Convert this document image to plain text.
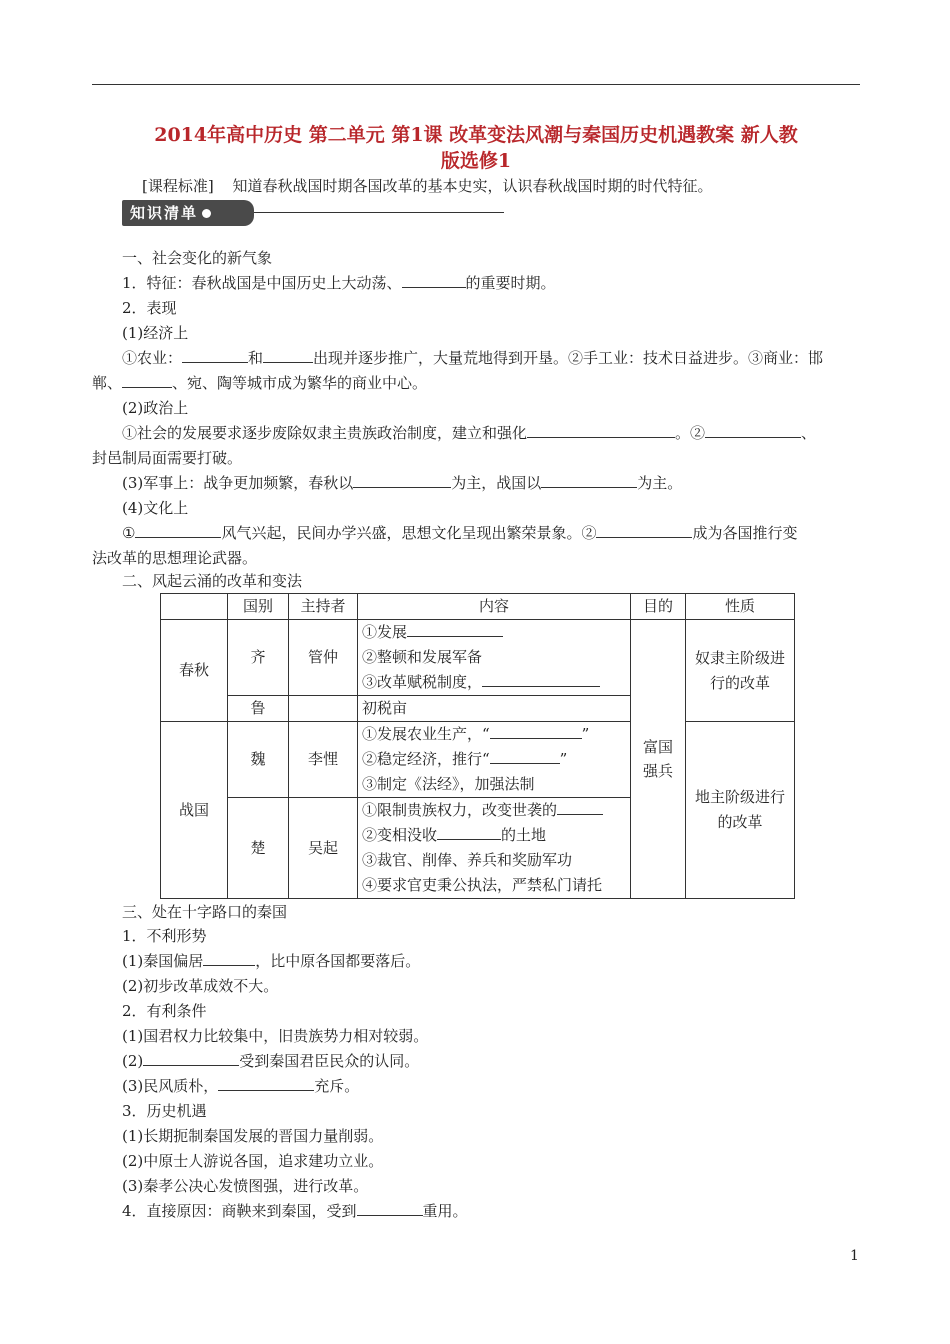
2014年高中历史 第二单元 第1课 改革变法风潮与秦国历史机遇教案 新人教
版选修1
[课程标准] 知道春秋战国时期各国改革的基本史实，认识春秋战国时期的时代特征。
知识清单
一、社会变化的新气象
1．特征：春秋战国是中国历史上大动荡、	的重要时期。
2．表现
(1)经济上
①农业：	和	出现并逐步推广，大量荒地得到开垦。②手工业：技术日益进步。③商业：邯
郸、	、宛、陶等城市成为繁华的商业中心。
(2)政治上
①社会的发展要求逐步废除奴隶主贵族政治制度，建立和强化	。②	、
封邑制局面需要打破。
(3)军事上：战争更加频繁，春秋以	为主，战国以	为主。
(4)文化上
①	风气兴起，民间办学兴盛，思想文化呈现出繁荣景象。②	成为各国推行变
法改革的思想理论武器。
二、风起云涌的改革和变法
	国别	主持者	内容	目的	性质
春秋	齐	管仲	①发展
②整顿和发展军备
③改革赋税制度，	富国强兵	奴隶主阶级进行的改革
	鲁		初税亩		
战国	魏	李悝	①发展农业生产，“ ”
②稳定经济，推行“ ”
③制定《法经》，加强法制		地主阶级进行的改革
	楚	吴起	①限制贵族权力，改变世袭的
②变相没收 的土地
③裁官、削俸、养兵和奖励军功
④要求官吏秉公执法，严禁私门请托		
三、处在十字路口的秦国
1．不利形势
(1)秦国偏居	，比中原各国都要落后。
(2)初步改革成效不大。
2．有利条件
(1)国君权力比较集中，旧贵族势力相对较弱。
(2)	受到秦国君臣民众的认同。
(3)民风质朴，	充斥。
3．历史机遇
(1)长期扼制秦国发展的晋国力量削弱。
(2)中原士人游说各国，追求建功立业。
(3)秦孝公决心发愤图强，进行改革。
4．直接原因：商鞅来到秦国，受到	重用。
1
